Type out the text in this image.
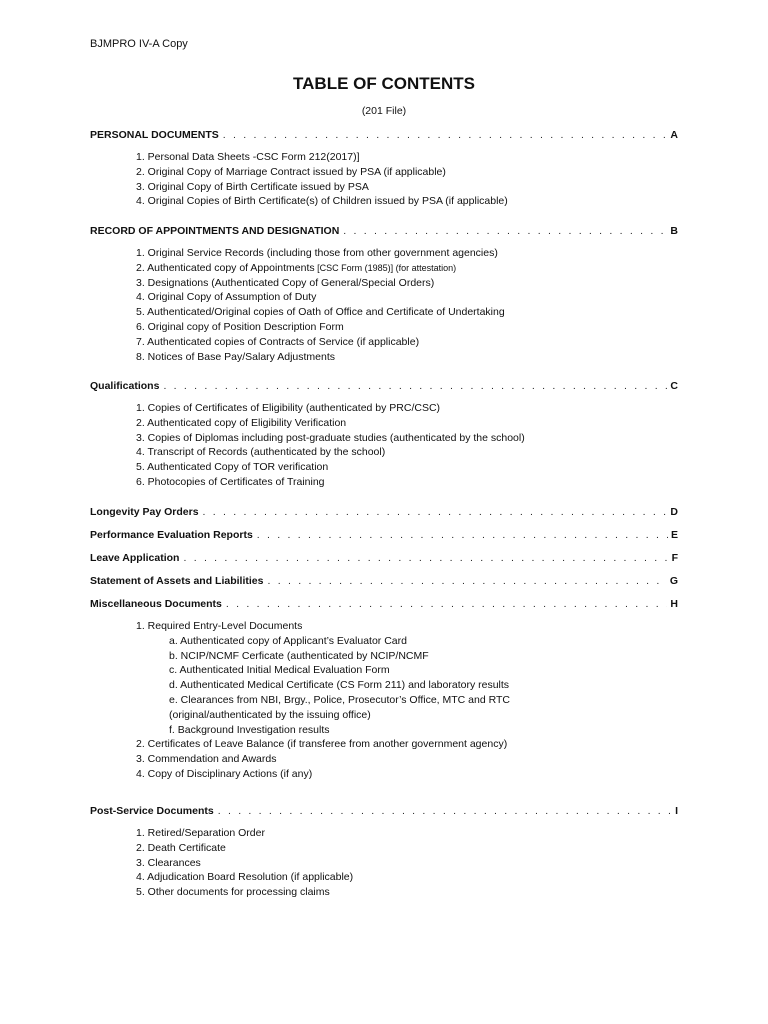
BJMPRO IV-A Copy
TABLE OF CONTENTS
(201 File)
PERSONAL DOCUMENTS . . .	A
1. Personal Data Sheets -CSC Form 212(2017)]
2. Original Copy of Marriage Contract issued by PSA (if applicable)
3. Original Copy of Birth Certificate issued by PSA
4. Original Copies of Birth Certificate(s) of Children issued by PSA (if applicable)
RECORD OF APPOINTMENTS AND DESIGNATION . . .	B
1. Original Service Records (including those from other government agencies)
2. Authenticated copy of Appointments [CSC Form (1985)] (for attestation)
3. Designations (Authenticated Copy of General/Special Orders)
4. Original Copy of Assumption of Duty
5. Authenticated/Original copies of Oath of Office and Certificate of Undertaking
6. Original copy of Position Description Form
7. Authenticated copies of Contracts of Service (if applicable)
8. Notices of Base Pay/Salary Adjustments
Qualifications . . .	C
1. Copies of Certificates of Eligibility (authenticated by PRC/CSC)
2. Authenticated copy of Eligibility Verification
3. Copies of Diplomas including post-graduate studies (authenticated by the school)
4. Transcript of Records (authenticated by the school)
5. Authenticated Copy of TOR verification
6. Photocopies of Certificates of Training
Longevity Pay Orders . . .	D
Performance Evaluation Reports . . .	E
Leave Application . . .	F
Statement of Assets and Liabilities . . .	G
Miscellaneous Documents . . .	H
1. Required Entry-Level Documents
a. Authenticated copy of Applicant’s Evaluator Card
b. NCIP/NCMF Cerficate (authenticated by NCIP/NCMF
c. Authenticated Initial Medical Evaluation Form
d. Authenticated Medical Certificate (CS Form 211) and laboratory results
e. Clearances from NBI, Brgy., Police, Prosecutor’s Office, MTC and RTC
(original/authenticated by the issuing office)
f. Background Investigation results
2. Certificates of Leave Balance (if transferee from another government agency)
3. Commendation and Awards
4. Copy of Disciplinary Actions (if any)
Post-Service Documents . . .	I
1. Retired/Separation Order
2. Death Certificate
3. Clearances
4. Adjudication Board Resolution (if applicable)
5. Other documents for processing claims
